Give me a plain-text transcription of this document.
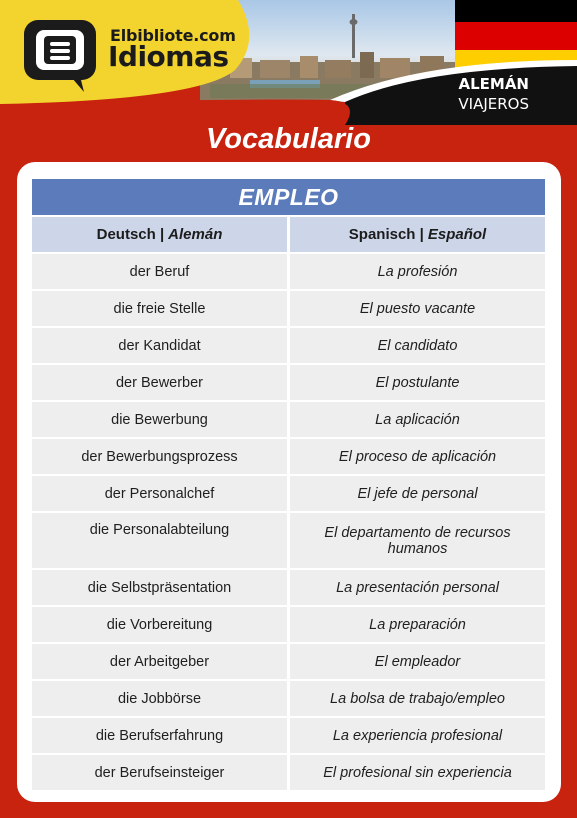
Elbibliote.com
Idiomas
ALEMÁN
VIAJEROS
Vocabulario
EMPLEO
Deutsch | Alemán	Spanisch | Español
der Beruf	La profesión
die freie Stelle	El puesto vacante
der Kandidat	El candidato
der Bewerber	El postulante
die Bewerbung	La aplicación
der Bewerbungsprozess	El proceso de aplicación
der Personalchef	El jefe de personal
die Personalabteilung	El departamento de recursos humanos
die Selbstpräsentation	La presentación personal
die Vorbereitung	La preparación
der Arbeitgeber	El empleador
die Jobbörse	La bolsa de trabajo/empleo
die Berufserfahrung	La experiencia profesional
der Berufseinsteiger	El profesional sin experiencia
